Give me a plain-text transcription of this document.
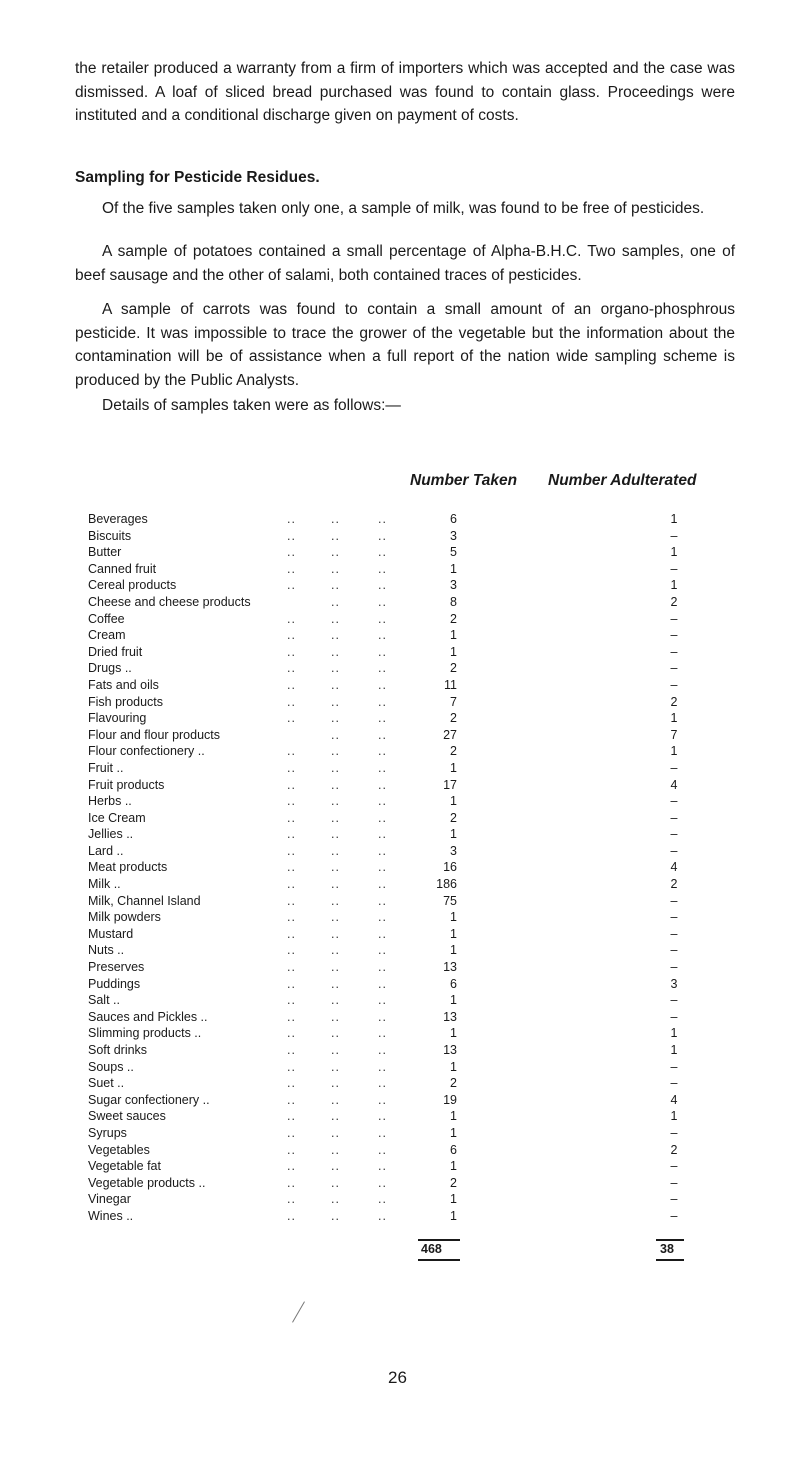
the retailer produced a warranty from a firm of importers which was accepted and the case was dismissed. A loaf of sliced bread purchased was found to contain glass. Proceedings were instituted and a conditional discharge given on payment of costs.

Sampling for Pesticide Residues.

Of the five samples taken only one, a sample of milk, was found to be free of pesticides.

A sample of potatoes contained a small percentage of Alpha-B.H.C. Two samples, one of beef sausage and the other of salami, both contained traces of pesticides.

A sample of carrots was found to contain a small amount of an organo-phosphrous pesticide. It was impossible to trace the grower of the vegetable but the information about the contamination will be of assistance when a full report of the nation wide sampling scheme is produced by the Public Analysts.

Details of samples taken were as follows:—

Number Taken Number Adulterated

Beverages	..	..	..	6	1
Biscuits	..	..	..	3	–
Butter	..	..	..	5	1
Canned fruit	..	..	..	1	–
Cereal products	..	..	..	3	1
Cheese and cheese products	..	..	8	2
Coffee	..	..	..	2	–
Cream	..	..	..	1	–
Dried fruit	..	..	..	1	–
Drugs ..	..	..	..	2	–
Fats and oils	..	..	..	11	–
Fish products	..	..	..	7	2
Flavouring	..	..	..	2	1
Flour and flour products	..	..	27	7
Flour confectionery ..	..	..	..	2	1
Fruit ..	..	..	..	1	–
Fruit products	..	..	..	17	4
Herbs ..	..	..	..	1	–
Ice Cream	..	..	..	2	–
Jellies ..	..	..	..	1	–
Lard ..	..	..	..	3	–
Meat products	..	..	..	16	4
Milk ..	..	..	..	186	2
Milk, Channel Island	..	..	..	75	–
Milk powders	..	..	..	1	–
Mustard	..	..	..	1	–
Nuts ..	..	..	..	1	–
Preserves	..	..	..	13	–
Puddings	..	..	..	6	3
Salt ..	..	..	..	1	–
Sauces and Pickles ..	..	..	..	13	–
Slimming products ..	..	..	..	1	1
Soft drinks	..	..	..	13	1
Soups ..	..	..	..	1	–
Suet ..	..	..	..	2	–
Sugar confectionery ..	..	..	..	19	4
Sweet sauces	..	..	..	1	1
Syrups	..	..	..	1	–
Vegetables	..	..	..	6	2
Vegetable fat	..	..	..	1	–
Vegetable products ..	..	..	..	2	–
Vinegar	..	..	..	1	–
Wines ..	..	..	..	1	–
468	38
26
